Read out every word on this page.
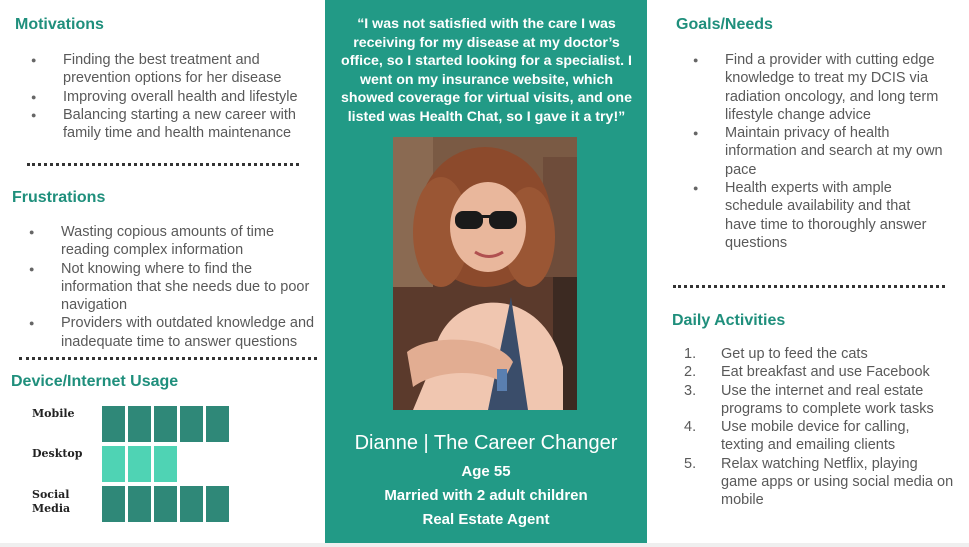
Motivations
● Finding the best treatment and prevention options for her disease
● Improving overall health and lifestyle
● Balancing starting a new career with family time and health maintenance
Frustrations
● Wasting copious amounts of time reading complex information
● Not knowing where to find the information that she needs due to poor navigation
● Providers with outdated knowledge and inadequate time to answer questions
Device/Internet Usage
Mobile
Desktop
Social Media
“I was not satisfied with the care I was receiving for my disease at my doctor’s office, so I started looking for a specialist. I went on my insurance website, which showed coverage for virtual visits, and one listed was Health Chat, so I gave it a try!”
Dianne | The Career Changer
Age 55
Married with 2 adult children
Real Estate Agent
Goals/Needs
● Find a provider with cutting edge knowledge to treat my DCIS via radiation oncology, and long term lifestyle change advice
● Maintain privacy of health information and search at my own pace
● Health experts with ample schedule availability and that have time to thoroughly answer questions
Daily Activities
1. Get up to feed the cats
2. Eat breakfast and use Facebook
3. Use the internet and real estate programs to complete work tasks
4. Use mobile device for calling, texting and emailing clients
5. Relax watching Netflix, playing game apps or using social media on mobile
